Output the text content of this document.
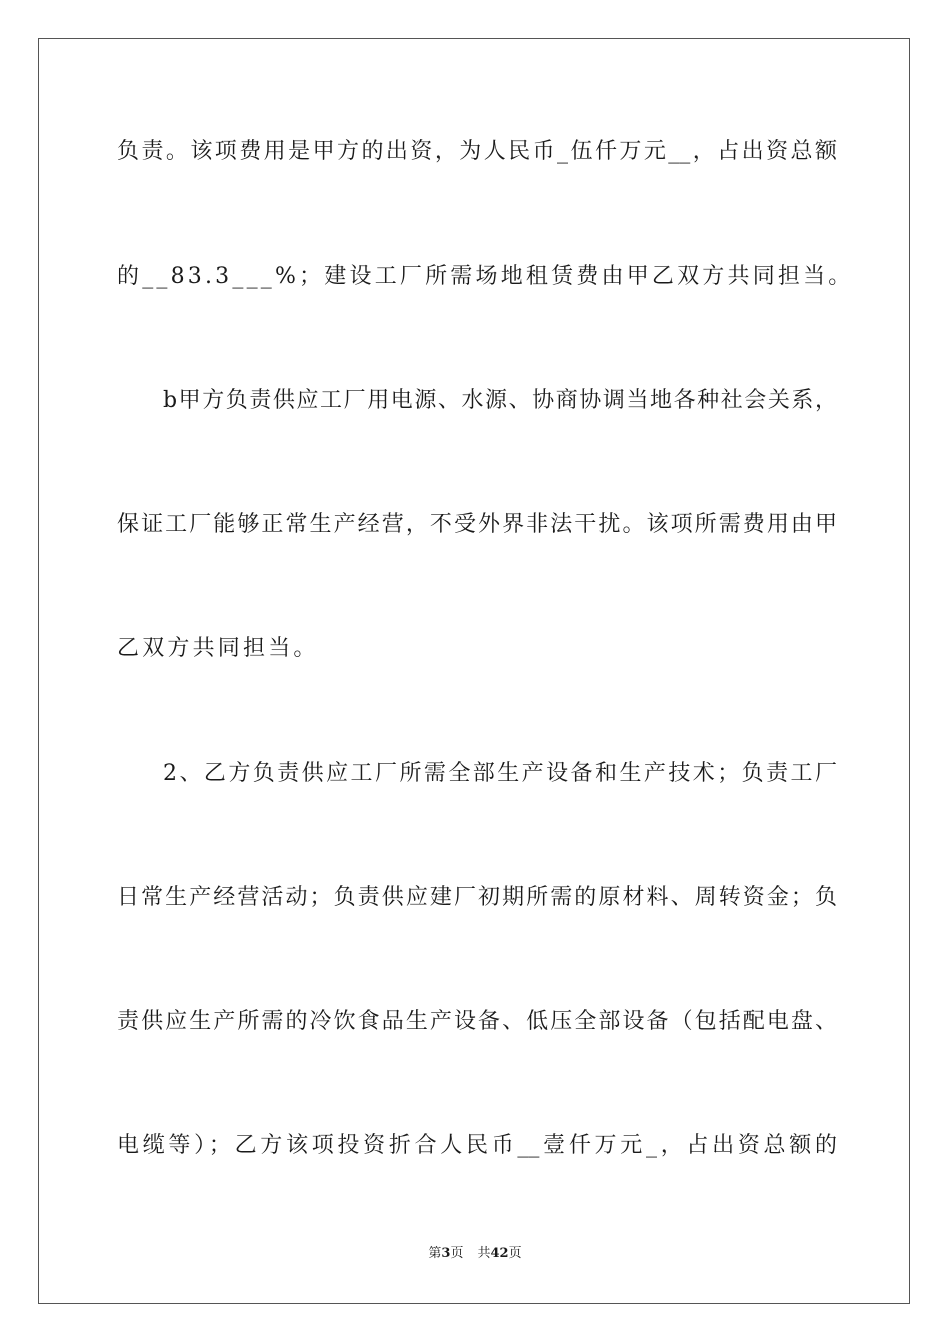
负责。该项费用是甲方的出资，为人民币_伍仟万元__，占出资总额
的__83.3___%；建设工厂所需场地租赁费由甲乙双方共同担当。
b甲方负责供应工厂用电源、水源、协商协调当地各种社会关系，
保证工厂能够正常生产经营，不受外界非法干扰。该项所需费用由甲
乙双方共同担当。
2、乙方负责供应工厂所需全部生产设备和生产技术；负责工厂
日常生产经营活动；负责供应建厂初期所需的原材料、周转资金；负
责供应生产所需的冷饮食品生产设备、低压全部设备（包括配电盘、
电缆等）；乙方该项投资折合人民币__壹仟万元_，占出资总额的
第3页 共42页
